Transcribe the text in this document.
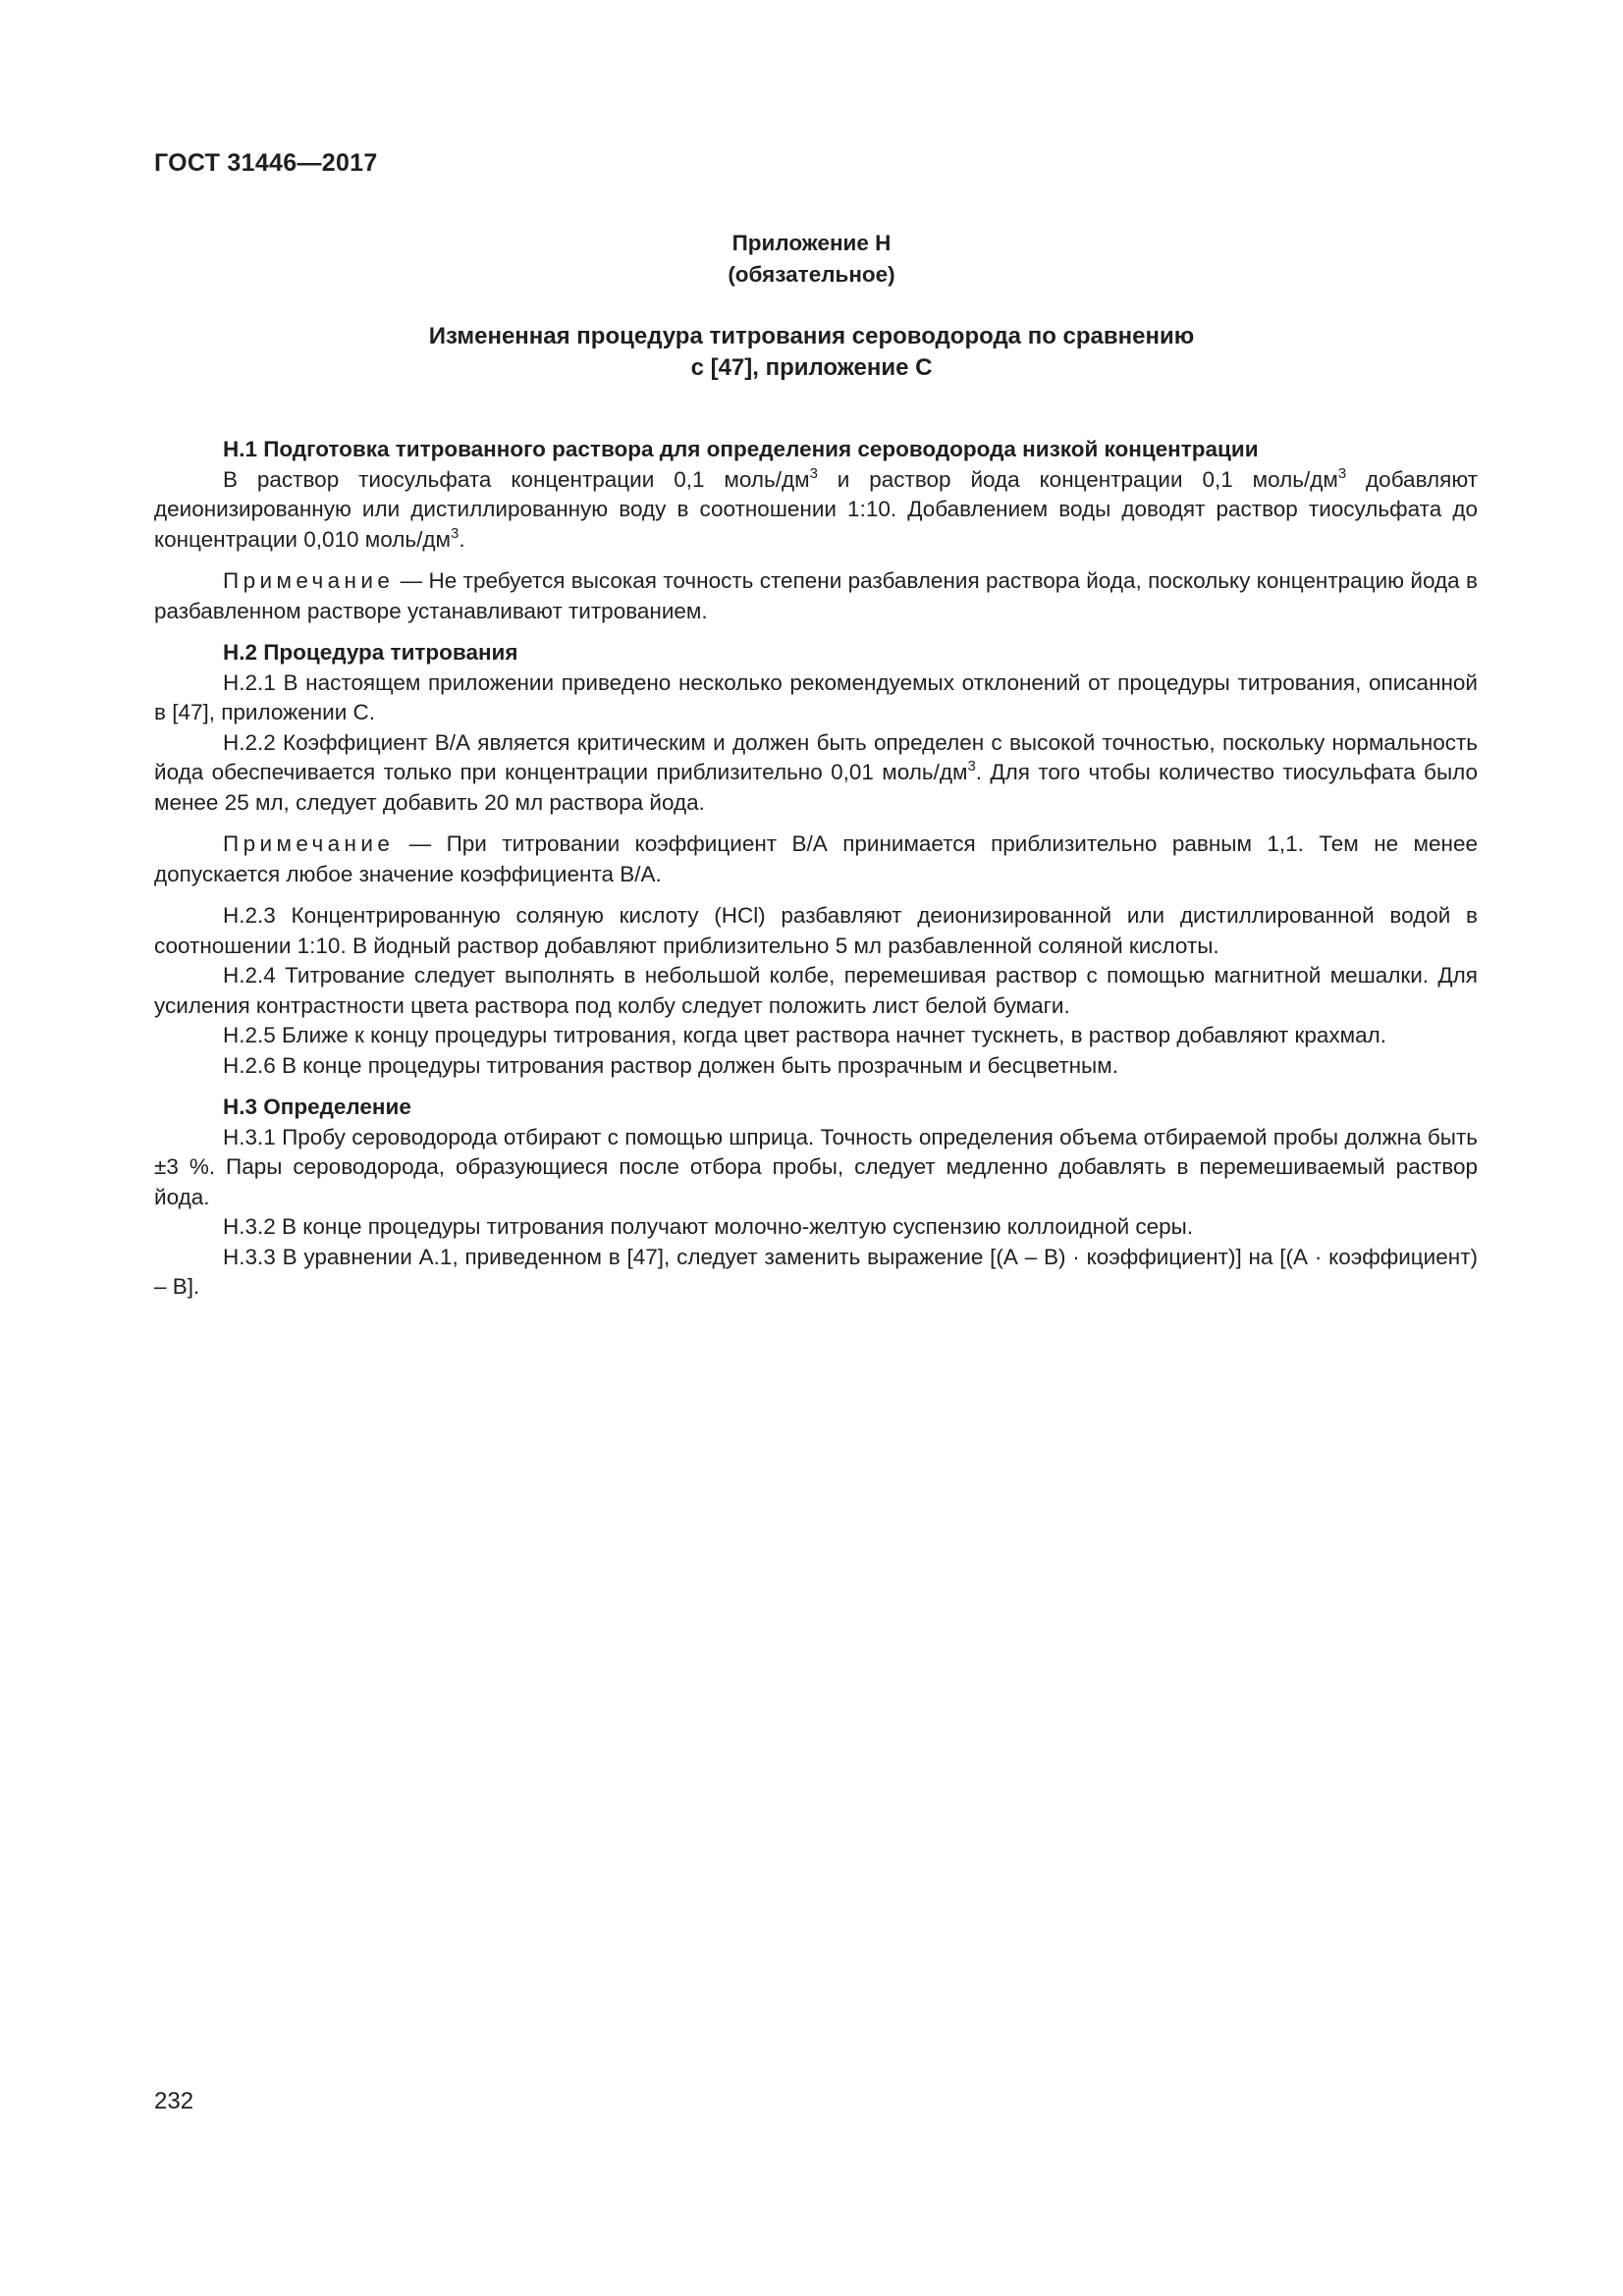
ГОСТ 31446—2017
Приложение Н
(обязательное)
Измененная процедура титрования сероводорода по сравнению
с [47], приложение С

Н.1 Подготовка титрованного раствора для определения сероводорода низкой концентрации

В раствор тиосульфата концентрации 0,1 моль/$дм^3$ и раствор йода концентрации 0,1 моль/$дм^3$ добавляют деионизированную или дистиллированную воду в соотношении 1:10. Добавлением воды доводят раствор тиосульфата до концентрации 0,010 моль/$дм^3$.

Примечание — Не требуется высокая точность степени разбавления раствора йода, поскольку концентрацию йода в разбавленном растворе устанавливают титрованием.

Н.2 Процедура титрования

Н.2.1 В настоящем приложении приведено несколько рекомендуемых отклонений от процедуры титрования, описанной в [47], приложении С.

Н.2.2 Коэффициент В/А является критическим и должен быть определен с высокой точностью, поскольку нормальность йода обеспечивается только при концентрации приблизительно 0,01 моль/$дм^3$. Для того чтобы количество тиосульфата было менее 25 мл, следует добавить 20 мл раствора йода.

Примечание — При титровании коэффициент В/А принимается приблизительно равным 1,1. Тем не менее допускается любое значение коэффициента В/А.

Н.2.3 Концентрированную соляную кислоту (HCl) разбавляют деионизированной или дистиллированной водой в соотношении 1:10. В йодный раствор добавляют приблизительно 5 мл разбавленной соляной кислоты.

Н.2.4 Титрование следует выполнять в небольшой колбе, перемешивая раствор с помощью магнитной мешалки. Для усиления контрастности цвета раствора под колбу следует положить лист белой бумаги.

Н.2.5 Ближе к концу процедуры титрования, когда цвет раствора начнет тускнеть, в раствор добавляют крахмал.

Н.2.6 В конце процедуры титрования раствор должен быть прозрачным и бесцветным.

Н.3 Определение

Н.3.1 Пробу сероводорода отбирают с помощью шприца. Точность определения объема отбираемой пробы должна быть ±3 %. Пары сероводорода, образующиеся после отбора пробы, следует медленно добавлять в перемешиваемый раствор йода.

Н.3.2 В конце процедуры титрования получают молочно-желтую суспензию коллоидной серы.

Н.3.3 В уравнении А.1, приведенном в [47], следует заменить выражение [(А – В) · коэффициент)] на [(А · коэффициент) – В].

232
